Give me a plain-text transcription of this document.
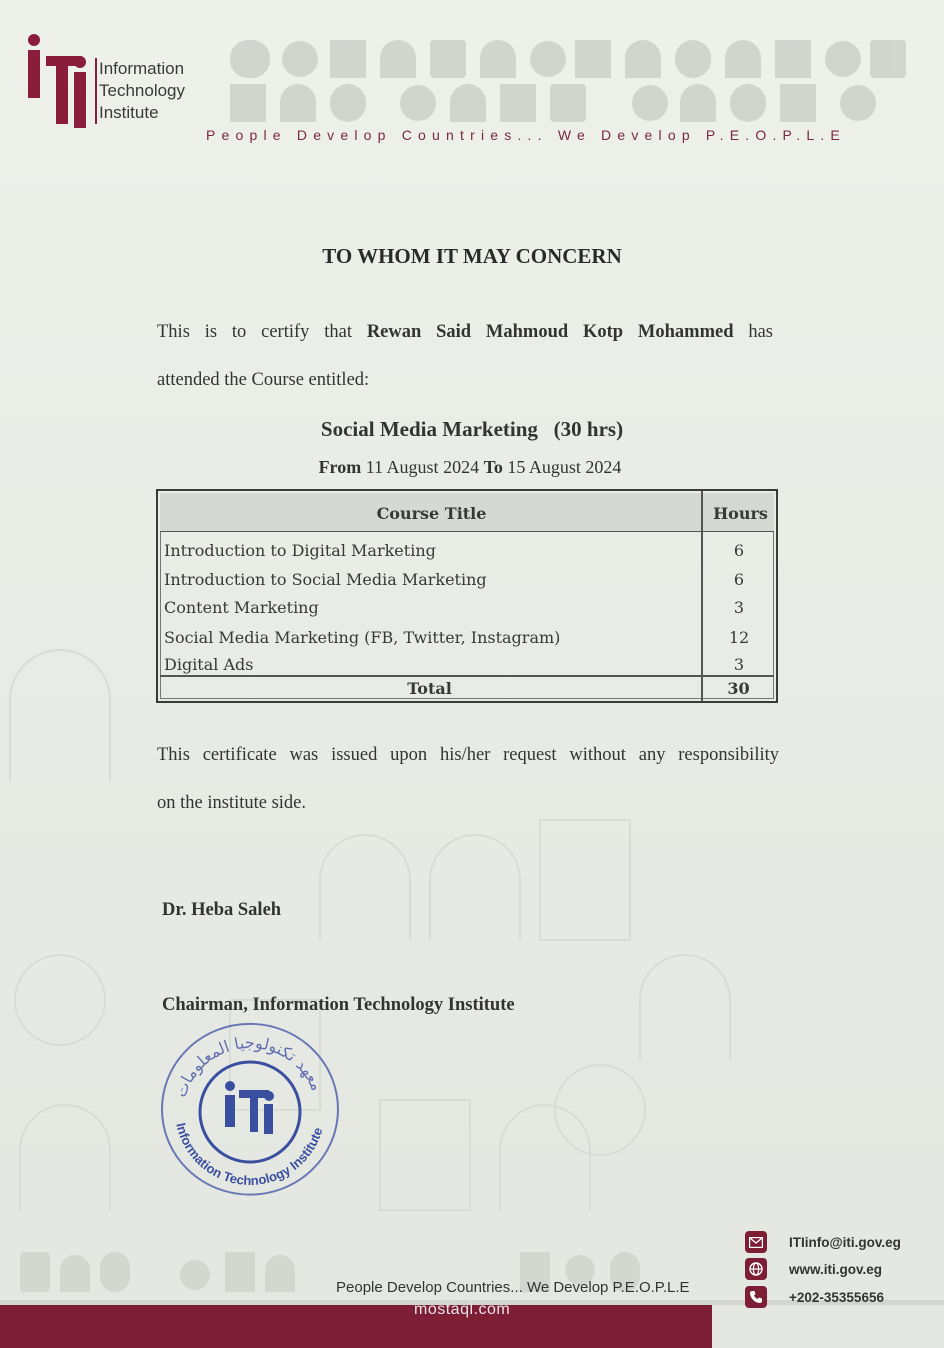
Information
Technology
Institute
People Develop Countries... We Develop P.E.O.P.L.E
TO WHOM IT MAY CONCERN
This is to certify that Rewan Said Mahmoud Kotp Mohammed has
attended the Course entitled:
Social Media Marketing (30 hrs)
From 11 August 2024 To 15 August 2024
Course Title	Hours
Introduction to Digital Marketing	6
Introduction to Social Media Marketing	6
Content Marketing	3
Social Media Marketing (FB, Twitter, Instagram)	12
Digital Ads	3
Total	30
This certificate was issued upon his/her request without any responsibility
on the institute side.
Dr. Heba Saleh
Chairman, Information Technology Institute
معهد تكنولوجيا المعلومات
Information Technology Institute
People Develop Countries... We Develop P.E.O.P.L.E
mostaql.com
ITIinfo@iti.gov.eg
www.iti.gov.eg
+202-35355656
